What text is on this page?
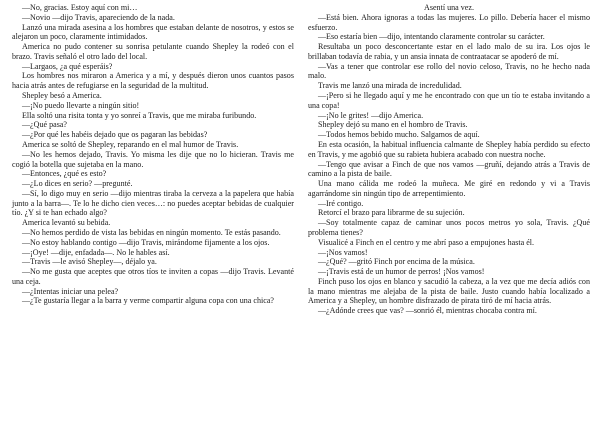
—No, gracias. Estoy aquí con mi…

—Novio —dijo Travis, apareciendo de la nada.

Lanzó una mirada asesina a los hombres que estaban delante de nosotros, y estos se alejaron un poco, claramente intimidados.

America no pudo contener su sonrisa petulante cuando Shepley la rodeó con el brazo. Travis señaló el otro lado del local.

—Largaos, ¿a qué esperáis?

Los hombres nos miraron a America y a mí, y después dieron unos cuantos pasos hacia atrás antes de refugiarse en la seguridad de la multitud.

Shepley besó a America.

—¡No puedo llevarte a ningún sitio!

Ella soltó una risita tonta y yo sonreí a Travis, que me miraba furibundo.

—¿Qué pasa?

—¿Por qué les habéis dejado que os pagaran las bebidas?

America se soltó de Shepley, reparando en el mal humor de Travis.

—No les hemos dejado, Travis. Yo misma les dije que no lo hicieran. Travis me cogió la botella que sujetaba en la mano.

—Entonces, ¿qué es esto?

—¿Lo dices en serio? —pregunté.

—Sí, lo digo muy en serio —dijo mientras tiraba la cerveza a la papelera que había junto a la barra—. Te lo he dicho cien veces…: no puedes aceptar bebidas de cualquier tío. ¿Y si te han echado algo?

America levantó su bebida.

—No hemos perdido de vista las bebidas en ningún momento. Te estás pasando.

—No estoy hablando contigo —dijo Travis, mirándome fijamente a los ojos.

—¡Oye! —dije, enfadada—. No le hables así.

—Travis —le avisó Shepley—, déjalo ya.

—No me gusta que aceptes que otros tíos te inviten a copas —dijo Travis. Levanté una ceja.

—¿Intentas iniciar una pelea?

—¿Te gustaría llegar a la barra y verme compartir alguna copa con una chica?

Asentí una vez.

—Está bien. Ahora ignoras a todas las mujeres. Lo pillo. Debería hacer el mismo esfuerzo.

—Eso estaría bien —dijo, intentando claramente controlar su carácter.

Resultaba un poco desconcertante estar en el lado malo de su ira. Los ojos le brillaban todavía de rabia, y un ansia innata de contraatacar se apoderó de mí.

—Vas a tener que controlar ese rollo del novio celoso, Travis, no he hecho nada malo.

Travis me lanzó una mirada de incredulidad.

—¡Pero si he llegado aquí y me he encontrado con que un tío te estaba invitando a una copa!

—¡No le grites! —dijo America.

Shepley dejó su mano en el hombro de Travis.

—Todos hemos bebido mucho. Salgamos de aquí.

En esta ocasión, la habitual influencia calmante de Shepley había perdido su efecto en Travis, y me agobió que su rabieta hubiera acabado con nuestra noche.

—Tengo que avisar a Finch de que nos vamos —gruñí, dejando atrás a Travis de camino a la pista de baile.

Una mano cálida me rodeó la muñeca. Me giré en redondo y vi a Travis agarrándome sin ningún tipo de arrepentimiento.

—Iré contigo.

Retorcí el brazo para librarme de su sujeción.

—Soy totalmente capaz de caminar unos pocos metros yo sola, Travis. ¿Qué problema tienes?

Visualicé a Finch en el centro y me abrí paso a empujones hasta él.

—¡Nos vamos!

—¿Qué? —gritó Finch por encima de la música.

—¡Travis está de un humor de perros! ¡Nos vamos!

Finch puso los ojos en blanco y sacudió la cabeza, a la vez que me decía adiós con la mano mientras me alejaba de la pista de baile. Justo cuando había localizado a America y a Shepley, un hombre disfrazado de pirata tiró de mí hacia atrás.

—¿Adónde crees que vas? —sonrió él, mientras chocaba contra mí.
